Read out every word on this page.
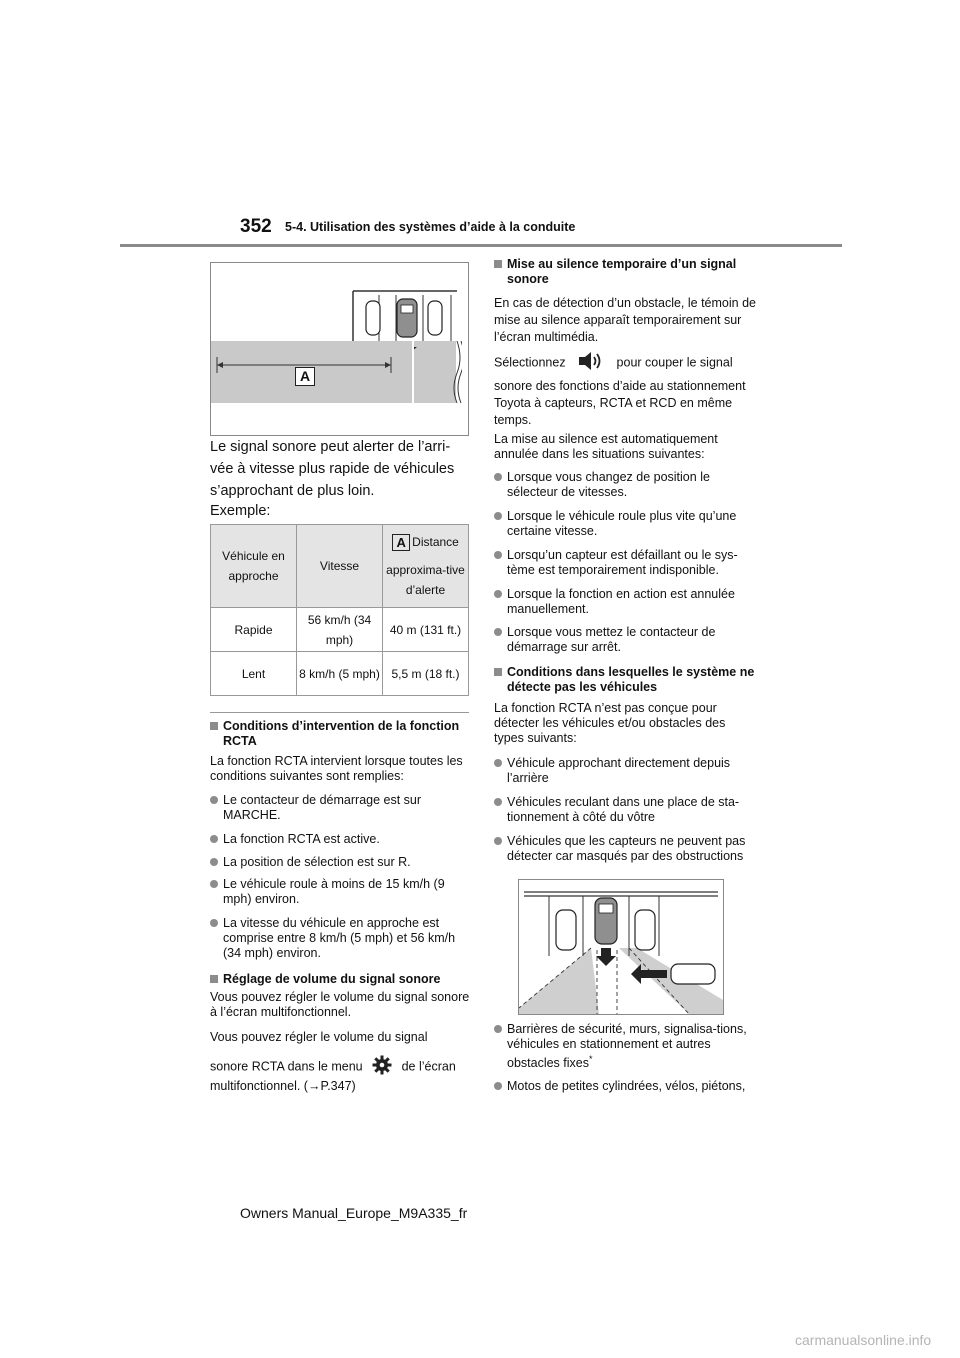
352 5-4. Utilisation des systèmes d’aide à la conduite
A
Le signal sonore peut alerter de l’arri-vée à vitesse plus rapide de véhicules s’approchant de plus loin.
Exemple:
Véhicule en approche	Vitesse	A Distance
approxima-tive d’alerte

Rapide	56 km/h (34 mph)	40 m (131 ft.)
Lent	8 km/h (5 mph)	5,5 m (18 ft.)
Conditions d’intervention de la fonction RCTA
La fonction RCTA intervient lorsque toutes les conditions suivantes sont remplies:
Le contacteur de démarrage est sur MARCHE.
La fonction RCTA est active.
La position de sélection est sur R.
Le véhicule roule à moins de 15 km/h (9 mph) environ.
La vitesse du véhicule en approche est comprise entre 8 km/h (5 mph) et 56 km/h (34 mph) environ.
Réglage de volume du signal sonore
Vous pouvez régler le volume du signal sonore à l’écran multifonctionnel.
Vous pouvez régler le volume du signal
sonore RCTA dans le menu	de l’écran
multifonctionnel. (→P.347)
Mise au silence temporaire d’un signal sonore
En cas de détection d’un obstacle, le témoin de mise au silence apparaît temporairement sur l’écran multimédia.
Sélectionnez	pour couper le signal
sonore des fonctions d’aide au stationnement Toyota à capteurs, RCTA et RCD en même temps.
La mise au silence est automatiquement annulée dans les situations suivantes:
Lorsque vous changez de position le sélecteur de vitesses.
Lorsque le véhicule roule plus vite qu’une certaine vitesse.
Lorsqu’un capteur est défaillant ou le sys-tème est temporairement indisponible.
Lorsque la fonction en action est annulée manuellement.
Lorsque vous mettez le contacteur de démarrage sur arrêt.
Conditions dans lesquelles le système ne détecte pas les véhicules
La fonction RCTA n’est pas conçue pour détecter les véhicules et/ou obstacles des types suivants:
Véhicule approchant directement depuis l’arrière
Véhicules reculant dans une place de sta-tionnement à côté du vôtre
Véhicules que les capteurs ne peuvent pas détecter car masqués par des obstructions
Barrières de sécurité, murs, signalisa-tions, véhicules en stationnement et autres obstacles fixes*
Motos de petites cylindrées, vélos, piétons,
Owners Manual_Europe_M9A335_fr
carmanualsonline.info
